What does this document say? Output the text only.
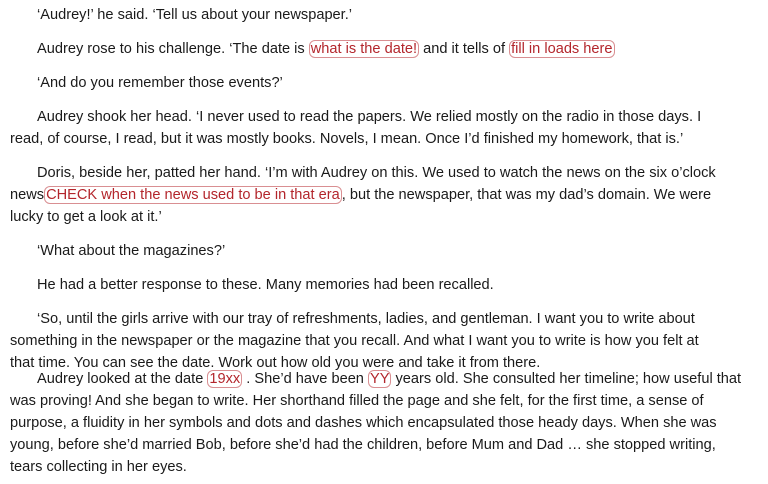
‘Audrey!’ he said. ‘Tell us about your newspaper.’

Audrey rose to his challenge. ‘The date is what is the date! and it tells of fill in loads here

‘And do you remember those events?’

Audrey shook her head. ‘I never used to read the papers. We relied mostly on the radio in those days. I

read, of course, I read, but it was mostly books. Novels, I mean. Once I’d finished my homework, that is.’

Doris, beside her, patted her hand. ‘I’m with Audrey on this. We used to watch the news on the six o’clock

news CHECK when the news used to be in that era , but the newspaper, that was my dad’s domain. We were

lucky to get a look at it.’

‘What about the magazines?’

He had a better response to these. Many memories had been recalled.

‘So, until the girls arrive with our tray of refreshments, ladies, and gentleman. I want you to write about

something in the newspaper or the magazine that you recall. And what I want you to write is how you felt at

that time. You can see the date. Work out how old you were and take it from there.

Audrey looked at the date 19xx . She’d have been YY years old. She consulted her timeline; how useful that

was proving! And she began to write. Her shorthand filled the page and she felt, for the first time, a sense of

purpose, a fluidity in her symbols and dots and dashes which encapsulated those heady days. When she was

young, before she’d married Bob, before she’d had the children, before Mum and Dad … she stopped writing,

tears collecting in her eyes.
